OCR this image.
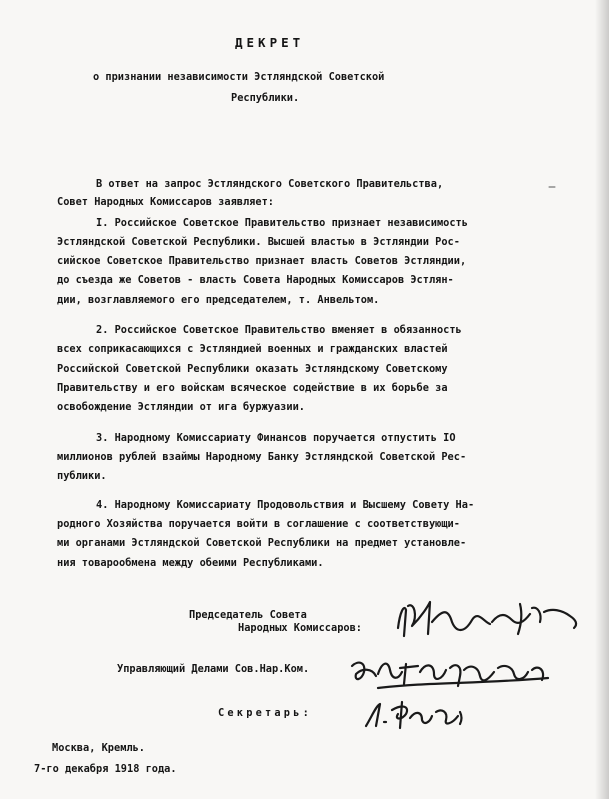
ДЕКРЕТ
о признании независимости Эстляндской Советской
Республики.
В ответ на запрос Эстляндского Советского Правительства,
Совет Народных Комиссаров заявляет:
I. Российское Советское Правительство признает независимость
Эстляндской Советской Республики. Высшей властью в Эстляндии Рос-
сийское Советское Правительство признает власть Советов Эстляндии,
до съезда же Советов - власть Совета Народных Комиссаров Эстлян-
дии, возглавляемого его председателем, т. Анвельтом.
2. Российское Советское Правительство вменяет в обязанность
всех соприкасающихся с Эстляндией военных и гражданских властей
Российской Советской Республики оказать Эстляндскому Советскому
Правительству и его войскам всяческое содействие в их борьбе за
освобождение Эстляндии от ига буржуазии.
3. Народному Комиссариату Финансов поручается отпустить IO
миллионов рублей взаймы Народному Банку Эстляндской Советской Рес-
публики.
4. Народному Комиссариату Продовольствия и Высшему Совету На-
родного Хозяйства поручается войти в соглашение с соответствующи-
ми органами Эстляндской Советской Республики на предмет установле-
ния товарообмена между обеими Республиками.
Председатель Совета
Народных Комиссаров:
Управляющий Делами Сов.Нар.Ком.
Секретарь:
Москва, Кремль.
7-го декабря 1918 года.
